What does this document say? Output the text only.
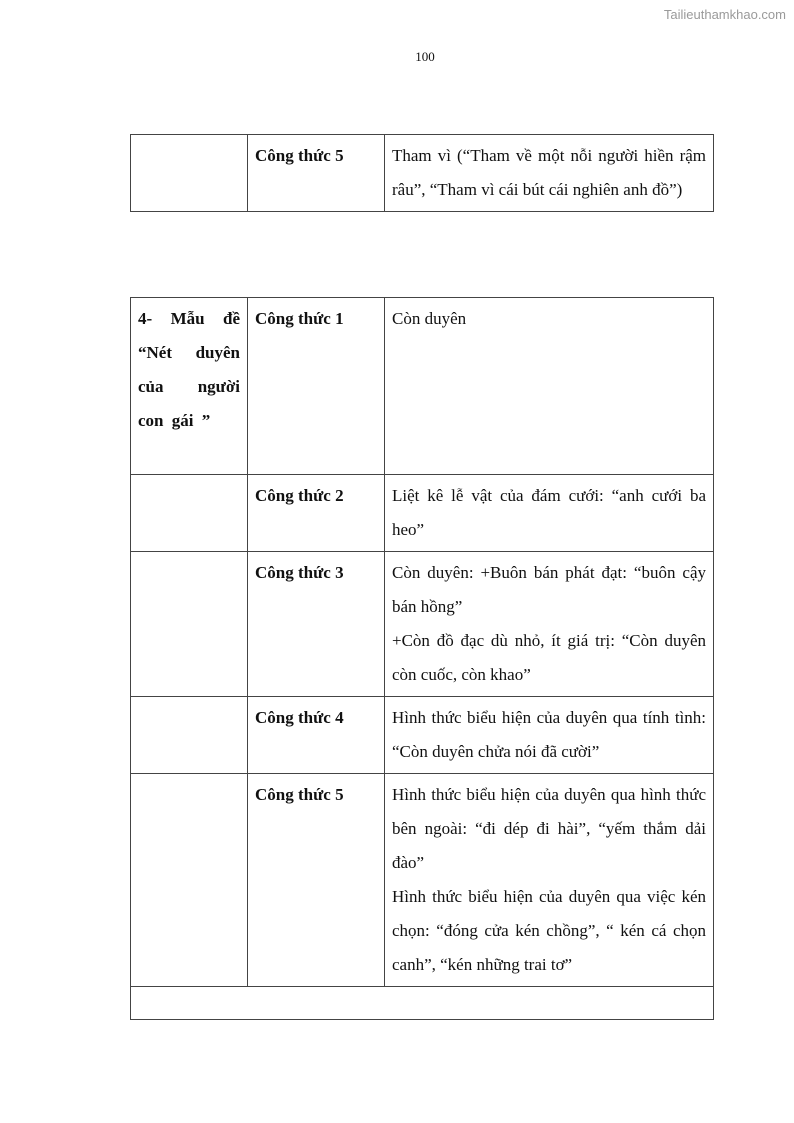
Tailieuthamkhao.com
100
	Công thức 5	Tham vì (“Tham về một nỗi người hiền rậm râu”, “Tham vì cái bút cái nghiên anh đồ”)
4- Mẫu đề “Nét duyên của người con gái ”	Công thức 1	Còn duyên

	Công thức 2	Liệt kê lễ vật của đám cưới: “anh cưới ba heo”

	Công thức 3	Còn duyên: +Buôn bán phát đạt: “buôn cậy bán hồng”
+Còn đồ đạc dù nhỏ, ít giá trị: “Còn duyên còn cuốc, còn khao”

	Công thức 4	Hình thức biểu hiện của duyên qua tính tình: “Còn duyên chửa nói đã cười”

	Công thức 5	Hình thức biểu hiện của duyên qua hình thức bên ngoài: “đi dép đi hài”, “yếm thắm dải đào”
Hình thức biểu hiện của duyên qua việc kén chọn: “đóng cửa kén chồng”, “ kén cá chọn canh”, “kén những trai tơ”
